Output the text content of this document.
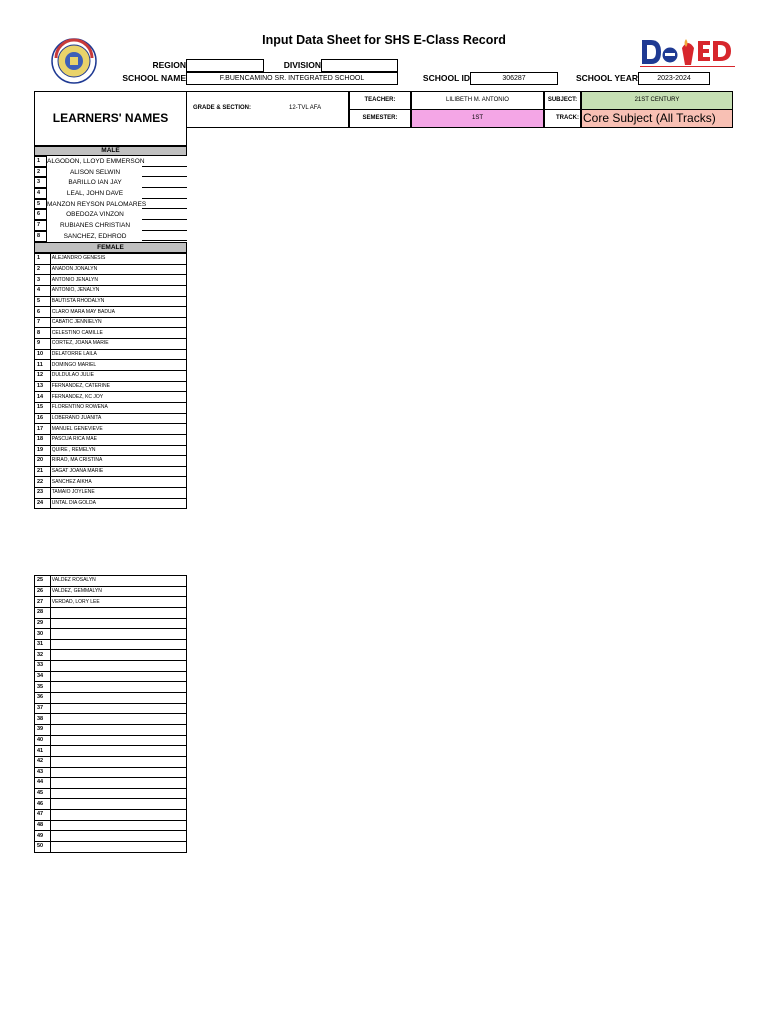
Input Data Sheet for SHS E-Class Record
REGION	DIVISION
SCHOOL NAME	F.BUENCAMINO SR. INTEGRATED SCHOOL	SCHOOL ID	306287	SCHOOL YEAR	2023-2024
LEARNERS' NAMES
GRADE & SECTION:	12-TVL AFA
TEACHER:	LILIBETH M. ANTONIO	SUBJECT:	21ST CENTURY
SEMESTER:	1ST	TRACK: Core Subject (All Tracks)
MALE
1	ALGODON, LLOYD EMMERSON
2	ALISON SELWIN
3	BARILLO IAN JAY
4	LEAL, JOHN DAVE
5	MANZON REYSON PALOMARES
6	OBEDOZA VINZON
7	RUBIANES CHRISTIAN
8	SANCHEZ, EDHROD
FEMALE
1	ALEJANDRO GENESIS
2	ANADON JONALYN
3	ANTONIO JENALYN
4	ANTONIO, JENALYN
5	BAUTISTA RHODALYN
6	CLARO MARA MAY BADUA
7	CABATIC JENNIELYN
8	CELESTINO CAMILLE
9	CORTEZ, JOANA MARIE
10	DELATORRE LAILA
11	DOMINGO MARIEL
12	DULDULAO JULIE
13	FERNANDEZ, CATERINE
14	FERNANDEZ, KC JOY
15	FLORENTINO ROWENA
16	LOBERANO JUANITA
17	MANUEL GENEVIEVE
18	PASCUA RICA MAE
19	QUIRE , REMELYN
20	RIRAO, MA CRISTINA
21	SAGAT JOANA MARIE
22	SANCHEZ AIKHA
23	TAMAIO JOYLENE
24	UNTAL DIA GOLDA
25	VALDEZ ROSALYN
26	VALDEZ, GEMMALYN
27	VERDAD, LORY LEE
28	
29	
30	
31	
32	
33	
34	
35	
36	
37	
38	
39	
40	
41	
42	
43	
44	
45	
46	
47	
48	
49	
50	
